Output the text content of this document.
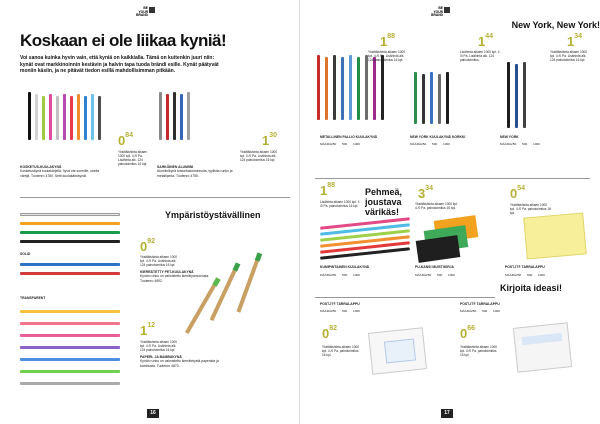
BE YOUR BRAND
Koskaan ei ole liikaa kyniä!
Voi sanoa kuinka hyvin vain, että kyniä on kaikkialla. Tämä on kuitenkin juuri niin: kynät ovat markkinoinnin kestävin ja halvin tapa tuoda brändi esille. Kynät päätyvät moniin käsiin, ja ne pitävät tiedon esillä mahdollisimman pitkään.
$0^{84}$
Yksittäishinta alkaen 1000 kpl. 4 /0 Pa. Lisähinta alk. 124 painotoimitus 16 kpl.
$1^{30}$
Yksittäishinta alkaen 1000 kpl. 4 /0 Pa. Lisähinta alk. 124 painotoimitus 16 kpl.
KOSKETUS-KUULAKYNÄ
Kosketuskynä kuulakärjellä, hyvä ote sormille, useita värejä. Tuotenro 4780. Setti kuulakärkikynät.
SAHKÖINEN ALUMIINI
Alumiinikynä kosketustoiminnolla, tyylikäs runko ja metallipinta. Tuotenro 4755.
Ympäristöystävällinen
SOLID
TRANSPARENT
$0^{92}$
Yksittäishinta alkaen 1000 kpl. 4 /0 Pa. Lisähinta alk. 124 painotoimitus 16 kpl.
KIERRÄTETTY PET-KUULAKYNÄ
Kynän runko on valmistettu kierrätysmuovista. Tuotenro 4892.
$1^{12}$
Yksittäishinta alkaen 1000 kpl. 4 /0 Pa. Lisähinta alk. 124 painotoimitus 16 kpl.
PAPERI- JA BAMBUKYNÄ
Kynän runko on valmistettu kierrätetystä paperista ja bambusta. Tuotenro 4870.
16
BE YOUR BRAND
New York, New York!
$1^{88}$
Yksittäishinta alkaen 1000 kpl. 4 /0 Pa. Lisähinta alk. 124 painotoimitus 16 kpl.
$1^{44}$
Lisähinta alkaen 1000 kpl. 4 /0 Pa. Lisähinta alk. 124 painotoimitus.
$1^{34}$
Yksittäishinta alkaen 1000 kpl. 4 /0 Pa. Lisähinta alk. 124 painotoimitus 16 kpl.
METALLINEN PALLIO KUULAKYNÄ	NEW YORK KUULAKYNÄ KORKKI	NEW YORK
MÄÄRÄ250 500 1000	MÄÄRÄ250 500 1000	MÄÄRÄ250 500 1000
$1^{88}$
Lisähinta alkaen 1000 kpl. 4 /0 Pa. painotoimitus 16 kpl.
Pehmeä, joustava värikäs!
$3^{34}$
Yksittäishinta alkaen 1000 kpl. 4 /0 Pa. painotoimitus 16 kpl.
$0^{54}$
Yksittäishinta alkaen 1000 kpl. 4 /0 Pa. painotoimitus 16 kpl.
KUMIPINTAINEN KUULAKYNÄ	PU-KANSI MUISTIKIRJA	POST-IT® TARRALAPPU
MÄÄRÄ250 500 1000	MÄÄRÄ250 500 1000	MÄÄRÄ250 500 1000
Kirjoita ideasi!
POST-IT® TARRALAPPU
MÄÄRÄ250 500 1000
POST-IT® TARRALAPPU
MÄÄRÄ250 500 1000
$0^{82}$
Yksittäishinta alkaen 1000 kpl. 4 /0 Pa. painotoimitus 16 kpl.
$0^{66}$
Yksittäishinta alkaen 1000 kpl. 4 /0 Pa. painotoimitus 16 kpl.
17
